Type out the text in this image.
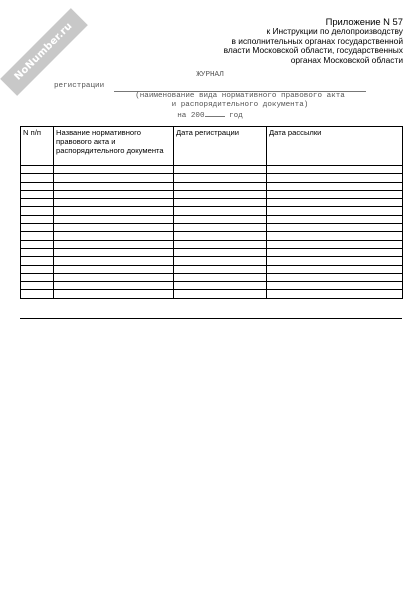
NoNumber.ru	Приложение N 57
к Инструкции по делопроизводству
в исполнительных органах государственной
власти Московской области, государственных
органах Московской области
ЖУРНАЛ
регистрации
(наименование вида нормативного правового акта
и распорядительного документа)
на 200	год
N п/п	Название нормативного правового акта и распорядительного документа	Дата регистрации	Дата рассылки
